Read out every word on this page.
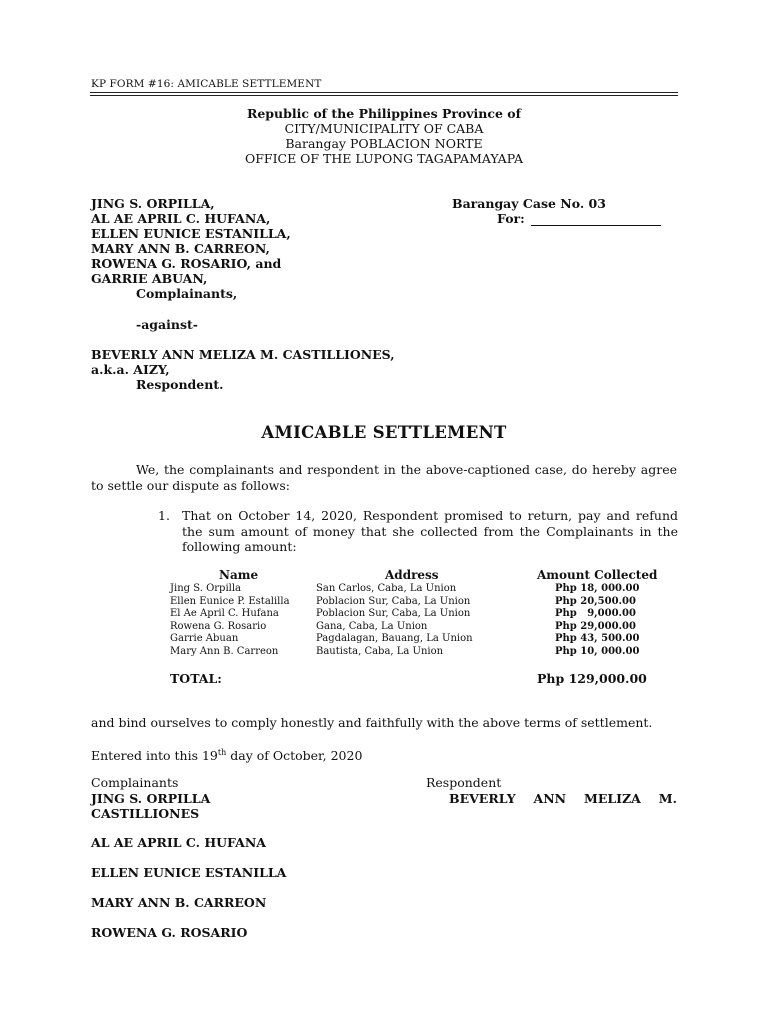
KP FORM #16: AMICABLE SETTLEMENT
Republic of the Philippines Province of
CITY/MUNICIPALITY OF CABA
Barangay POBLACION NORTE
OFFICE OF THE LUPONG TAGAPAMAYAPA
JING S. ORPILLA,
AL AE APRIL C. HUFANA,
ELLEN EUNICE ESTANILLA,
MARY ANN B. CARREON,
ROWENA G. ROSARIO, and
GARRIE ABUAN,
Complainants,
Barangay Case No. 03
For:
-against-
BEVERLY ANN MELIZA M. CASTILLIONES,
a.k.a. AIZY,
Respondent.
AMICABLE SETTLEMENT
We, the complainants and respondent in the above-captioned case, do hereby agree to settle our dispute as follows:
1. That on October 14, 2020, Respondent promised to return, pay and refund the sum amount of money that she collected from the Complainants in the following amount:
Name	Address	Amount Collected
Jing S. Orpilla	San Carlos, Caba, La Union	Php 18, 000.00
Ellen Eunice P. Estalilla	Poblacion Sur, Caba, La Union	Php 20,500.00
El Ae April C. Hufana	Poblacion Sur, Caba, La Union	Php   9,000.00
Rowena G. Rosario	Gana, Caba, La Union	Php 29,000.00
Garrie Abuan	Pagdalagan, Bauang, La Union	Php 43, 500.00
Mary Ann B. Carreon	Bautista, Caba, La Union	Php 10, 000.00
TOTAL:	Php 129,000.00
and bind ourselves to comply honestly and faithfully with the above terms of settlement.
Entered into this 19th day of October, 2020
Complainants	Respondent
BEVERLY ANN MELIZA M.
JING S. ORPILLA
CASTILLIONES
AL AE APRIL C. HUFANA
ELLEN EUNICE ESTANILLA
MARY ANN B. CARREON
ROWENA G. ROSARIO
